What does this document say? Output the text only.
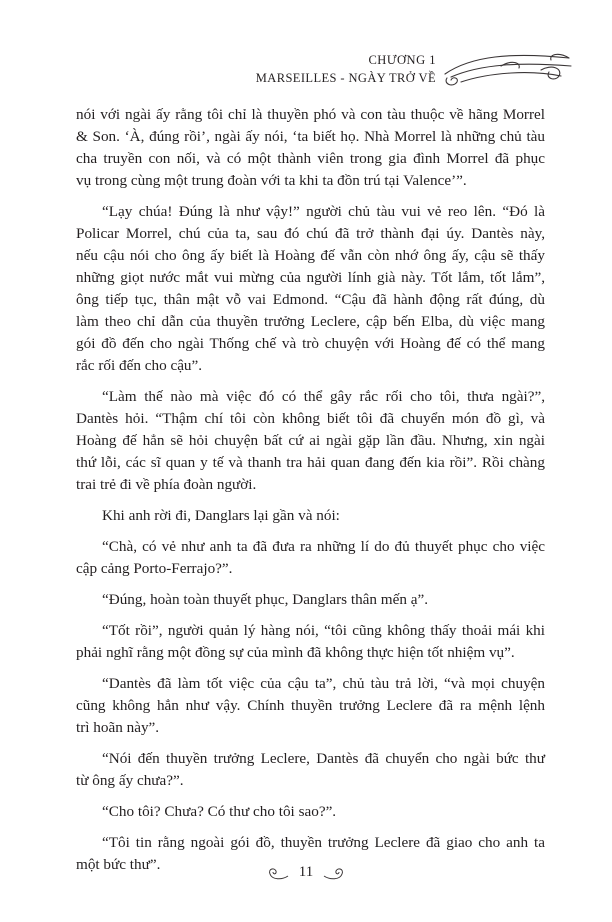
CHƯƠNG 1
MARSEILLES - NGÀY TRỞ VỀ
nói với ngài ấy rằng tôi chỉ là thuyền phó và con tàu thuộc về hãng Morrel
& Son. ‘À, đúng rồi’, ngài ấy nói, ‘ta biết họ. Nhà Morrel là những chủ tàu
cha truyền con nối, và có một thành viên trong gia đình Morrel đã phục
vụ trong cùng một trung đoàn với ta khi ta đồn trú tại Valence’”.
“Lạy chúa! Đúng là như vậy!” người chủ tàu vui vẻ reo lên. “Đó là
Policar Morrel, chú của ta, sau đó chú đã trở thành đại úy. Dantès này,
nếu cậu nói cho ông ấy biết là Hoàng đế vẫn còn nhớ ông ấy, cậu sẽ thấy
những giọt nước mắt vui mừng của người lính già này. Tốt lắm, tốt lắm”,
ông tiếp tục, thân mật vỗ vai Edmond. “Cậu đã hành động rất đúng, dù
làm theo chỉ dẫn của thuyền trưởng Leclere, cập bến Elba, dù việc mang
gói đồ đến cho ngài Thống chế và trò chuyện với Hoàng đế có thể mang
rắc rối đến cho cậu”.
“Làm thế nào mà việc đó có thể gây rắc rối cho tôi, thưa ngài?”,
Dantès hỏi. “Thậm chí tôi còn không biết tôi đã chuyển món đồ gì, và
Hoàng đế hẳn sẽ hỏi chuyện bất cứ ai ngài gặp lần đầu. Nhưng, xin ngài
thứ lỗi, các sĩ quan y tế và thanh tra hải quan đang đến kia rồi”. Rồi chàng
trai trẻ đi về phía đoàn người.
Khi anh rời đi, Danglars lại gần và nói:
“Chà, có vẻ như anh ta đã đưa ra những lí do đủ thuyết phục cho việc
cập cảng Porto-Ferrajo?”.
“Đúng, hoàn toàn thuyết phục, Danglars thân mến ạ”.
“Tốt rồi”, người quản lý hàng nói, “tôi cũng không thấy thoải mái khi
phải nghĩ rằng một đồng sự của mình đã không thực hiện tốt nhiệm vụ”.
“Dantès đã làm tốt việc của cậu ta”, chủ tàu trả lời, “và mọi chuyện
cũng không hẳn như vậy. Chính thuyền trưởng Leclere đã ra mệnh lệnh
trì hoãn này”.
“Nói đến thuyền trưởng Leclere, Dantès đã chuyển cho ngài bức thư
từ ông ấy chưa?”.
“Cho tôi? Chưa? Có thư cho tôi sao?”.
“Tôi tin rằng ngoài gói đồ, thuyền trưởng Leclere đã giao cho anh ta
một bức thư”.	11
